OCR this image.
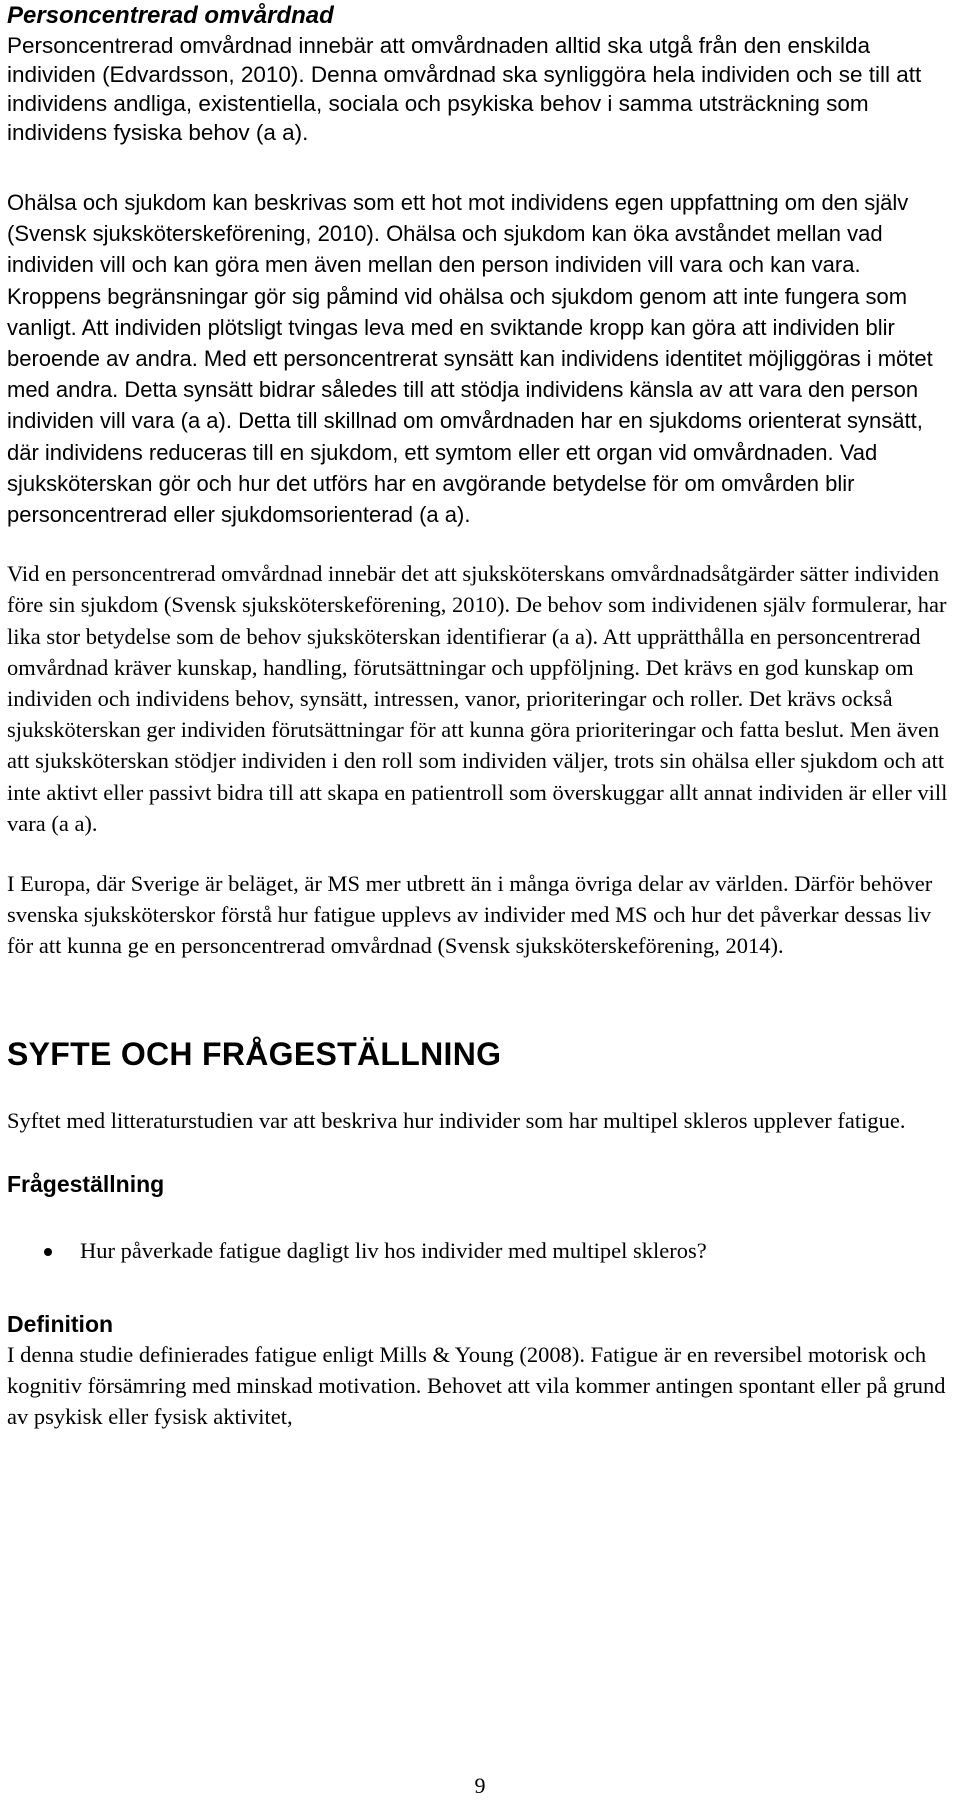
Personcentrerad omvårdnad

Personcentrerad omvårdnad innebär att omvårdnaden alltid ska utgå från den enskilda individen (Edvardsson, 2010). Denna omvårdnad ska synliggöra hela individen och se till att individens andliga, existentiella, sociala och psykiska behov i samma utsträckning som individens fysiska behov (a a).

Ohälsa och sjukdom kan beskrivas som ett hot mot individens egen uppfattning om den själv (Svensk sjuksköterskeförening, 2010). Ohälsa och sjukdom kan öka avståndet mellan vad individen vill och kan göra men även mellan den person individen vill vara och kan vara. Kroppens begränsningar gör sig påmind vid ohälsa och sjukdom genom att inte fungera som vanligt. Att individen plötsligt tvingas leva med en sviktande kropp kan göra att individen blir beroende av andra. Med ett personcentrerat synsätt kan individens identitet möjliggöras i mötet med andra. Detta synsätt bidrar således till att stödja individens känsla av att vara den person individen vill vara (a a). Detta till skillnad om omvårdnaden har en sjukdoms orienterat synsätt, där individens reduceras till en sjukdom, ett symtom eller ett organ vid omvårdnaden. Vad sjuksköterskan gör och hur det utförs har en avgörande betydelse för om omvården blir personcentrerad eller sjukdomsorienterad (a a).

Vid en personcentrerad omvårdnad innebär det att sjuksköterskans omvårdnadsåtgärder sätter individen före sin sjukdom (Svensk sjuksköterskeförening, 2010). De behov som individenen själv formulerar, har lika stor betydelse som de behov sjuksköterskan identifierar (a a). Att upprätthålla en personcentrerad omvårdnad kräver kunskap, handling, förutsättningar och uppföljning. Det krävs en god kunskap om individen och individens behov, synsätt, intressen, vanor, prioriteringar och roller. Det krävs också sjuksköterskan ger individen förutsättningar för att kunna göra prioriteringar och fatta beslut. Men även att sjuksköterskan stödjer individen i den roll som individen väljer, trots sin ohälsa eller sjukdom och att inte aktivt eller passivt bidra till att skapa en patientroll som överskuggar allt annat individen är eller vill vara (a a).

I Europa, där Sverige är beläget, är MS mer utbrett än i många övriga delar av världen. Därför behöver svenska sjuksköterskor förstå hur fatigue upplevs av individer med MS och hur det påverkar dessas liv för att kunna ge en personcentrerad omvårdnad (Svensk sjuksköterskeförening, 2014).

SYFTE OCH FRÅGESTÄLLNING

Syftet med litteraturstudien var att beskriva hur individer som har multipel skleros upplever fatigue.

Frågeställning
Hur påverkade fatigue dagligt liv hos individer med multipel skleros?
Definition

I denna studie definierades fatigue enligt Mills & Young (2008). Fatigue är en reversibel motorisk och kognitiv försämring med minskad motivation. Behovet att vila kommer antingen spontant eller på grund av psykisk eller fysisk aktivitet,

9
